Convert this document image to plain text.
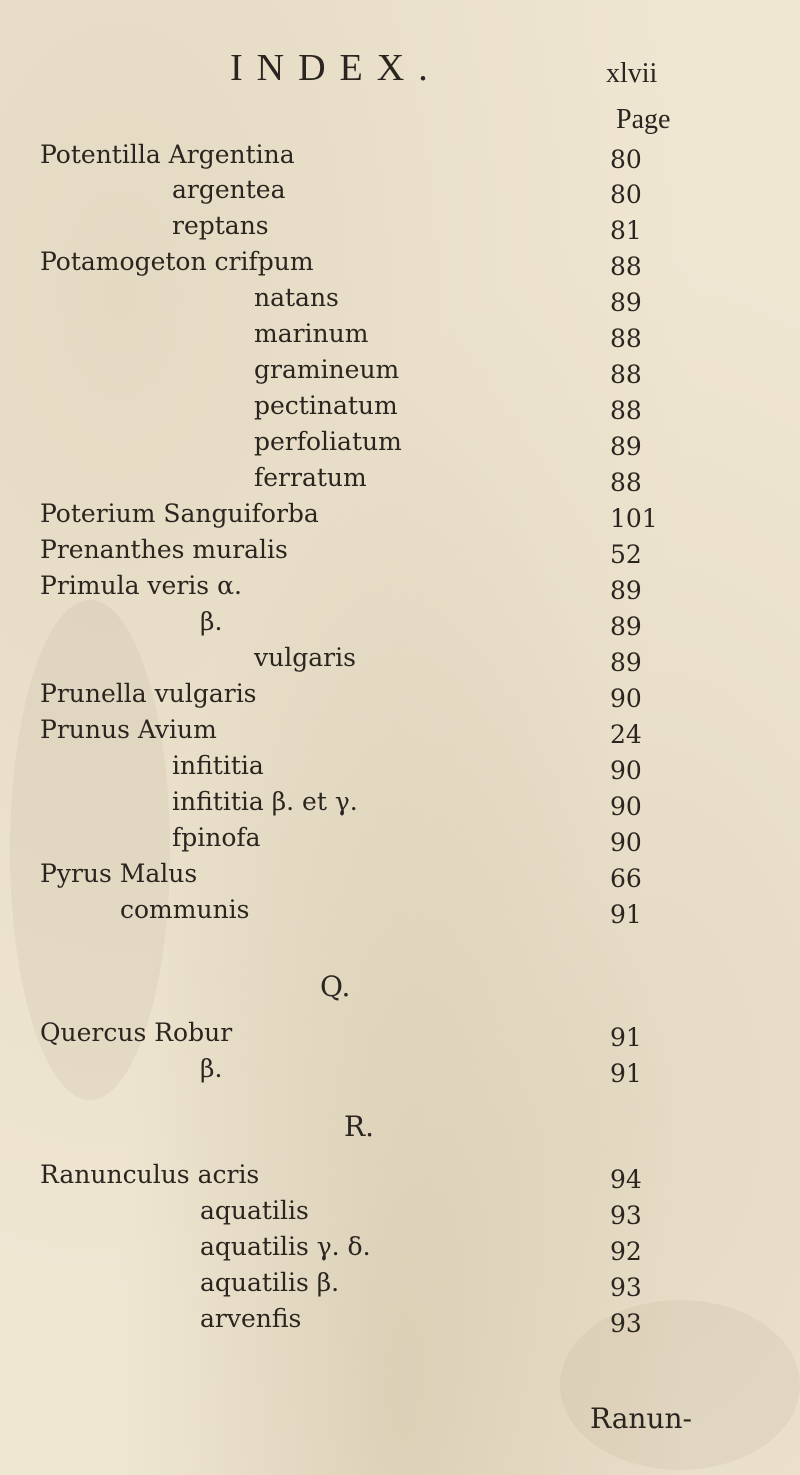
INDEX.	xlvii
Page
Potentilla Argentina	80
argentea	80
reptans	81
Potamogeton crifpum	88
natans	89
marinum	88
gramineum	88
pectinatum	88
perfoliatum	89
ferratum	88
Poterium Sanguiforba	101
Prenanthes muralis	52
Primula veris α.	89
β.	89
vulgaris	89
Prunella vulgaris	90
Prunus Avium	24
infititia	90
infititia β. et γ.	90
fpinofa	90
Pyrus Malus	66
communis	91
Q.
Quercus Robur	91
β.	91
R.
Ranunculus acris	94
aquatilis	93
aquatilis γ. δ.	92
aquatilis β.	93
arvenfis	93
Ranun-
